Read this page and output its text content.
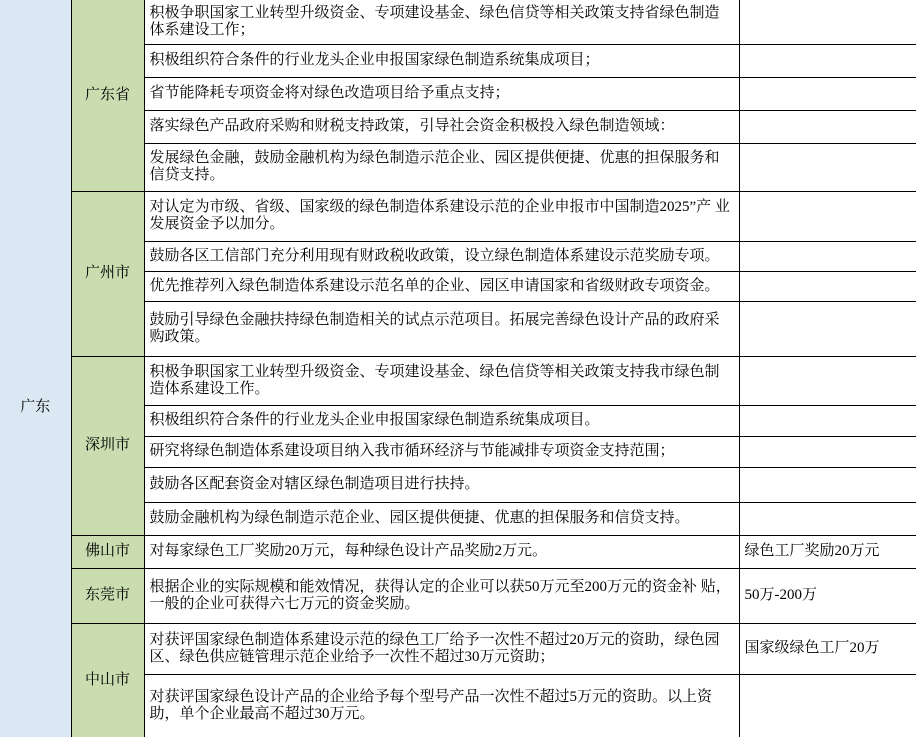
广东	广东省	积极争职国家工业转型升级资金、专项建设基金、绿色信贷等相关政策支持省绿色制造体系建设工作；	
		积极组织符合条件的行业龙头企业申报国家绿色制造系统集成项目；	
		省节能降耗专项资金将对绿色改造项目给予重点支持；	
		落实绿色产品政府采购和财税支持政策，引导社会资金积极投入绿色制造领域：	
		发展绿色金融，鼓励金融机构为绿色制造示范企业、园区提供便捷、优惠的担保服务和信贷支持。	
	广州市	对认定为市级、省级、国家级的绿色制造体系建设示范的企业申报市中国制造2025”产 业发展资金予以加分。	
		鼓励各区工信部门充分利用现有财政税收政策，设立绿色制造体系建设示范奖励专项。	
		优先推荐列入绿色制造体系建设示范名单的企业、园区申请国家和省级财政专项资金。	
		鼓励引导绿色金融扶持绿色制造相关的试点示范项目。拓展完善绿色设计产品的政府采购政策。	
	深圳市	积极争职国家工业转型升级资金、专项建设基金、绿色信贷等相关政策支持我市绿色制造体系建设工作。	
		积极组织符合条件的行业龙头企业申报国家绿色制造系统集成项目。	
		研究将绿色制造体系建设项目纳入我市循环经济与节能减排专项资金支持范围；	
		鼓励各区配套资金对辖区绿色制造项目进行扶持。	
		鼓励金融机构为绿色制造示范企业、园区提供便捷、优惠的担保服务和信贷支持。	
	佛山市	对每家绿色工厂奖励20万元，每种绿色设计产品奖励2万元。	绿色工厂奖励20万元
	东莞市	根据企业的实际规模和能效情况，获得认定的企业可以获50万元至200万元的资金补 贴，一般的企业可获得六七万元的资金奖励。	50万-200万
	中山市	对获评国家绿色制造体系建设示范的绿色工厂给予一次性不超过20万元的资助，绿色园区、绿色供应链管理示范企业给予一次性不超过30万元资助；	国家级绿色工厂20万
		对获评国家绿色设计产品的企业给予每个型号产品一次性不超过5万元的资助。以上资助，单个企业最高不超过30万元。	
